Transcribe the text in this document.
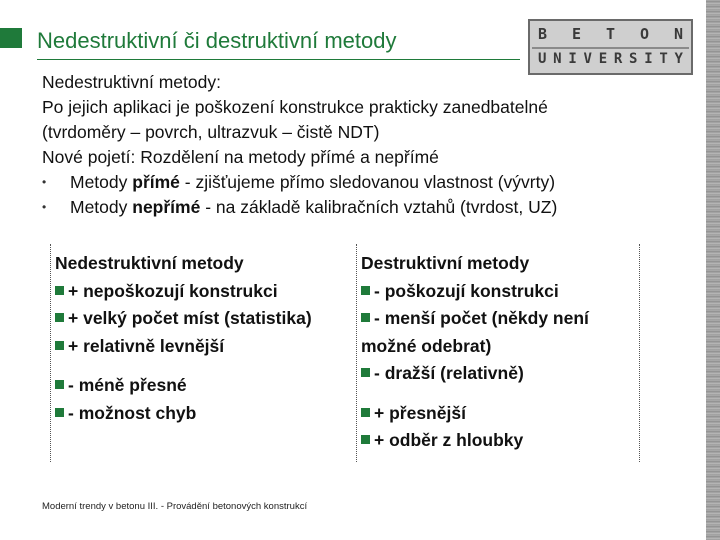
Nedestruktivní či destruktivní metody	B E T O N
U N I V E R S I T Y
Nedestruktivní metody:
Po jejich aplikaci je poškození konstrukce prakticky zanedbatelné
(tvrdoměry – povrch, ultrazvuk – čistě NDT)
Nové pojetí: Rozdělení na metody přímé a nepřímé
• Metody přímé - zjišťujeme přímo sledovanou vlastnost (vývrty)
• Metody nepřímé - na základě kalibračních vztahů (tvrdost, UZ)
Nedestruktivní metody
+ nepoškozují konstrukci
+ velký počet míst (statistika)
+ relativně levnější
- méně přesné
- možnost chyb
Destruktivní metody
- poškozují konstrukci
- menší počet (někdy není
možné odebrat)
- dražší (relativně)
+ přesnější
+ odběr z hloubky
Moderní trendy v betonu III. - Provádění betonových konstrukcí
